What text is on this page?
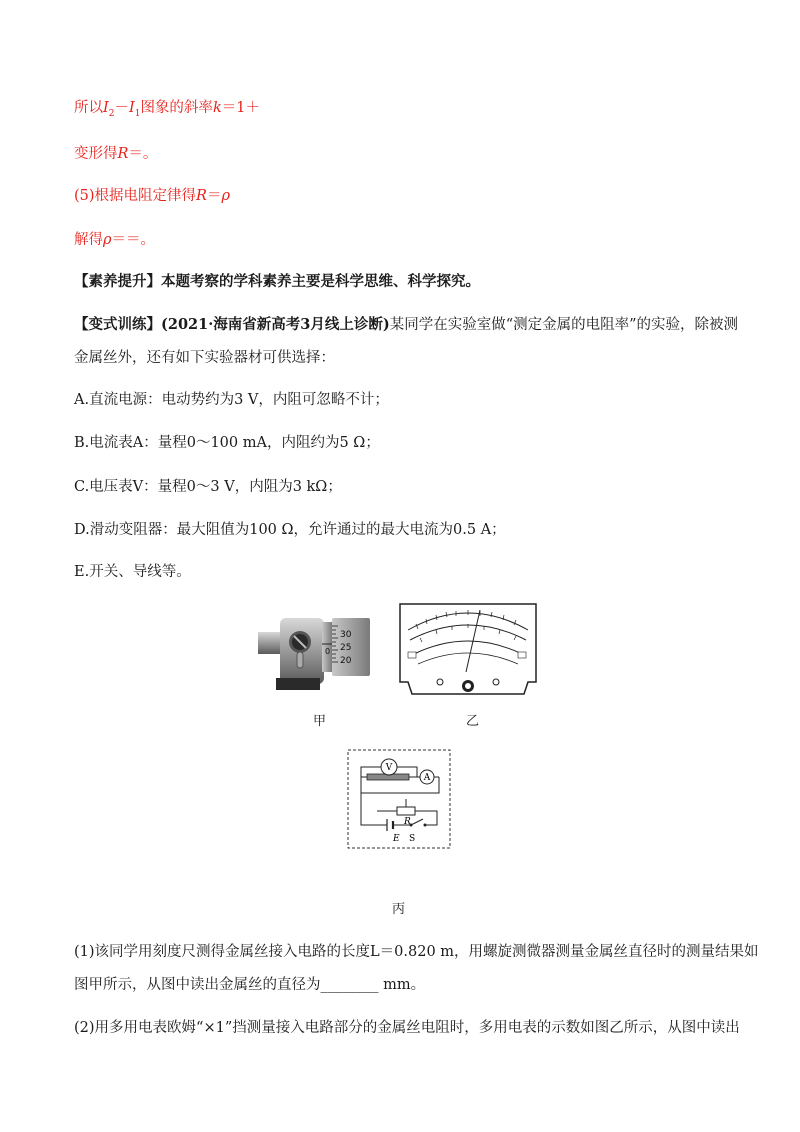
所以$I_2-I_1$图象的斜率k＝1＋
变形得R＝。
(5)根据电阻定律得R＝ρ
解得ρ＝＝。
【素养提升】本题考察的学科素养主要是科学思维、科学探究。
【变式训练】(2021·海南省新高考3月线上诊断)某同学在实验室做“测定金属的电阻率”的实验，除被测
金属丝外，还有如下实验器材可供选择：
A.直流电源：电动势约为3 V，内阻可忽略不计；
B.电流表A：量程0～100 mA，内阻约为5 Ω；
C.电压表V：量程0～3 V，内阻为3 kΩ；
D.滑动变阻器：最大阻值为100 Ω，允许通过的最大电流为0.5 A；
E.开关、导线等。
30
25
20
0
甲	乙
V
A
R
E S
丙
(1)该同学用刻度尺测得金属丝接入电路的长度L＝0.820 m，用螺旋测微器测量金属丝直径时的测量结果如
图甲所示，从图中读出金属丝的直径为________ mm。
(2)用多用电表欧姆“×1”挡测量接入电路部分的金属丝电阻时，多用电表的示数如图乙所示，从图中读出
